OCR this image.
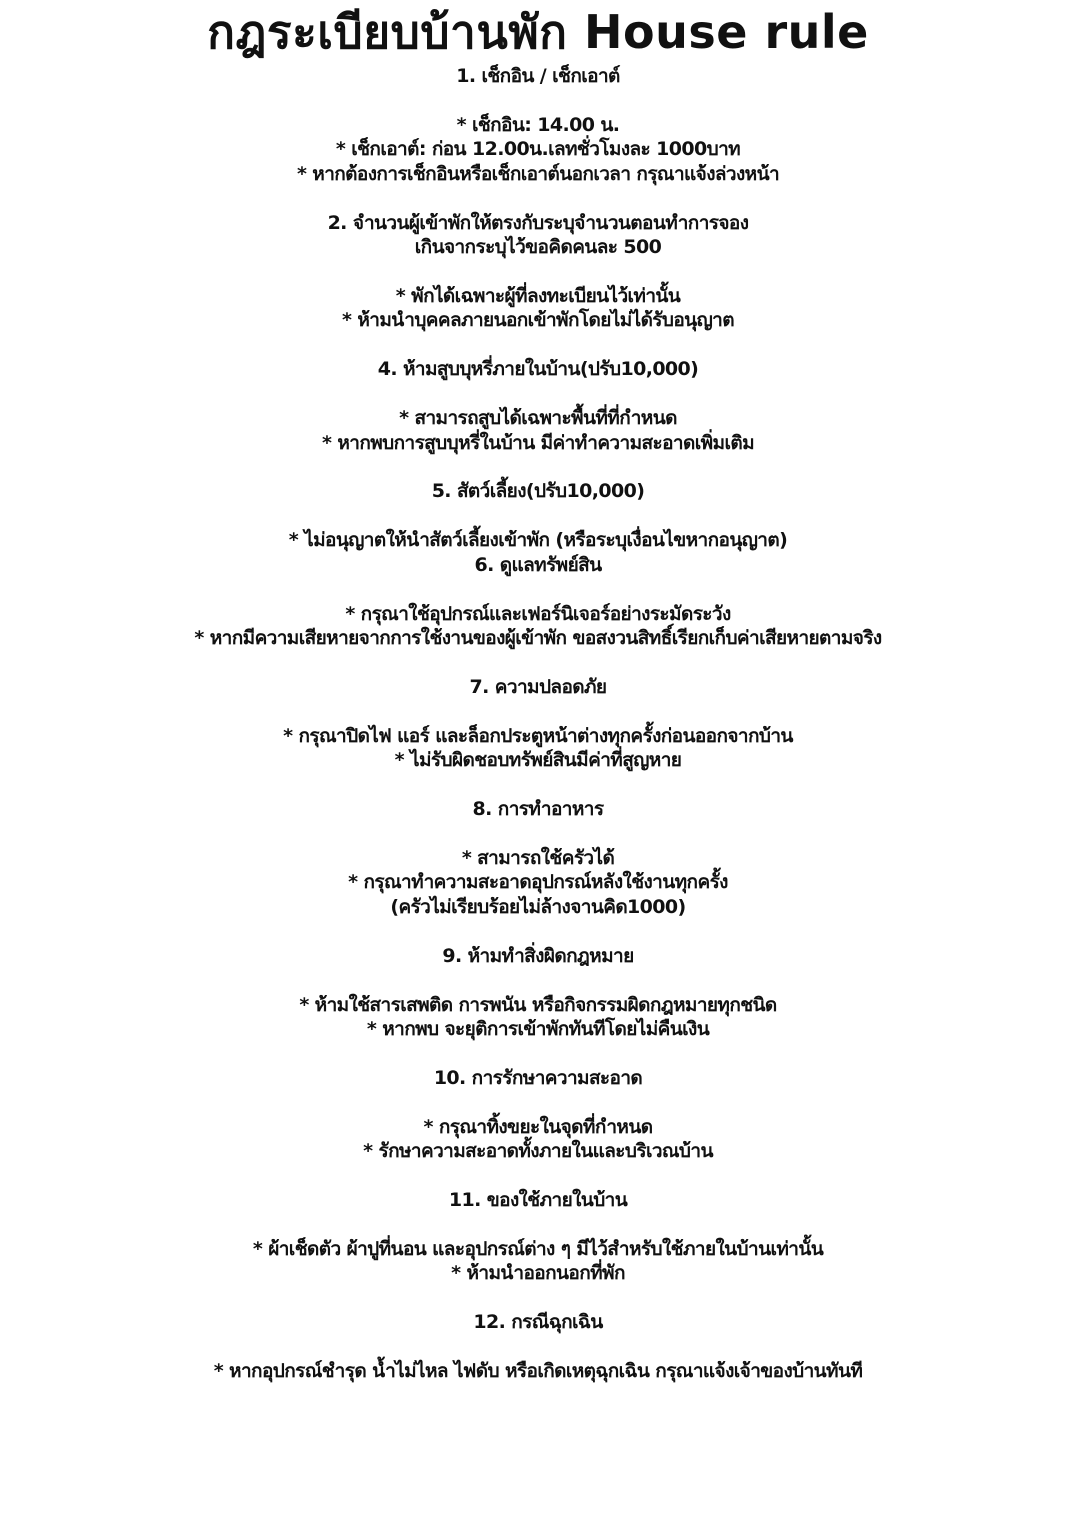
กฎระเบียบบ้านพัก House rule
1. เช็กอิน / เช็กเอาต์
* เช็กอิน: 14.00 น.
* เช็กเอาต์: ก่อน 12.00น.เลทชั่วโมงละ 1000บาท
* หากต้องการเช็กอินหรือเช็กเอาต์นอกเวลา กรุณาแจ้งล่วงหน้า
2. จำนวนผู้เข้าพักให้ตรงกับระบุจำนวนตอนทำการจอง
เกินจากระบุไว้ขอคิดคนละ 500
* พักได้เฉพาะผู้ที่ลงทะเบียนไว้เท่านั้น
* ห้ามนำบุคคลภายนอกเข้าพักโดยไม่ได้รับอนุญาต
4. ห้ามสูบบุหรี่ภายในบ้าน(ปรับ10,000)
* สามารถสูบได้เฉพาะพื้นที่ที่กำหนด
* หากพบการสูบบุหรี่ในบ้าน มีค่าทำความสะอาดเพิ่มเติม
5. สัตว์เลี้ยง(ปรับ10,000)
* ไม่อนุญาตให้นำสัตว์เลี้ยงเข้าพัก (หรือระบุเงื่อนไขหากอนุญาต)
6. ดูแลทรัพย์สิน
* กรุณาใช้อุปกรณ์และเฟอร์นิเจอร์อย่างระมัดระวัง
* หากมีความเสียหายจากการใช้งานของผู้เข้าพัก ขอสงวนสิทธิ์เรียกเก็บค่าเสียหายตามจริง
7. ความปลอดภัย
* กรุณาปิดไฟ แอร์ และล็อกประตูหน้าต่างทุกครั้งก่อนออกจากบ้าน
* ไม่รับผิดชอบทรัพย์สินมีค่าที่สูญหาย
8. การทำอาหาร
* สามารถใช้ครัวได้
* กรุณาทำความสะอาดอุปกรณ์หลังใช้งานทุกครั้ง
(ครัวไม่เรียบร้อยไม่ล้างจานคิด1000)
9. ห้ามทำสิ่งผิดกฎหมาย
* ห้ามใช้สารเสพติด การพนัน หรือกิจกรรมผิดกฎหมายทุกชนิด
* หากพบ จะยุติการเข้าพักทันทีโดยไม่คืนเงิน
10. การรักษาความสะอาด
* กรุณาทิ้งขยะในจุดที่กำหนด
* รักษาความสะอาดทั้งภายในและบริเวณบ้าน
11. ของใช้ภายในบ้าน
* ผ้าเช็ดตัว ผ้าปูที่นอน และอุปกรณ์ต่าง ๆ มีไว้สำหรับใช้ภายในบ้านเท่านั้น
* ห้ามนำออกนอกที่พัก
12. กรณีฉุกเฉิน
* หากอุปกรณ์ชำรุด น้ำไม่ไหล ไฟดับ หรือเกิดเหตุฉุกเฉิน กรุณาแจ้งเจ้าของบ้านทันที
